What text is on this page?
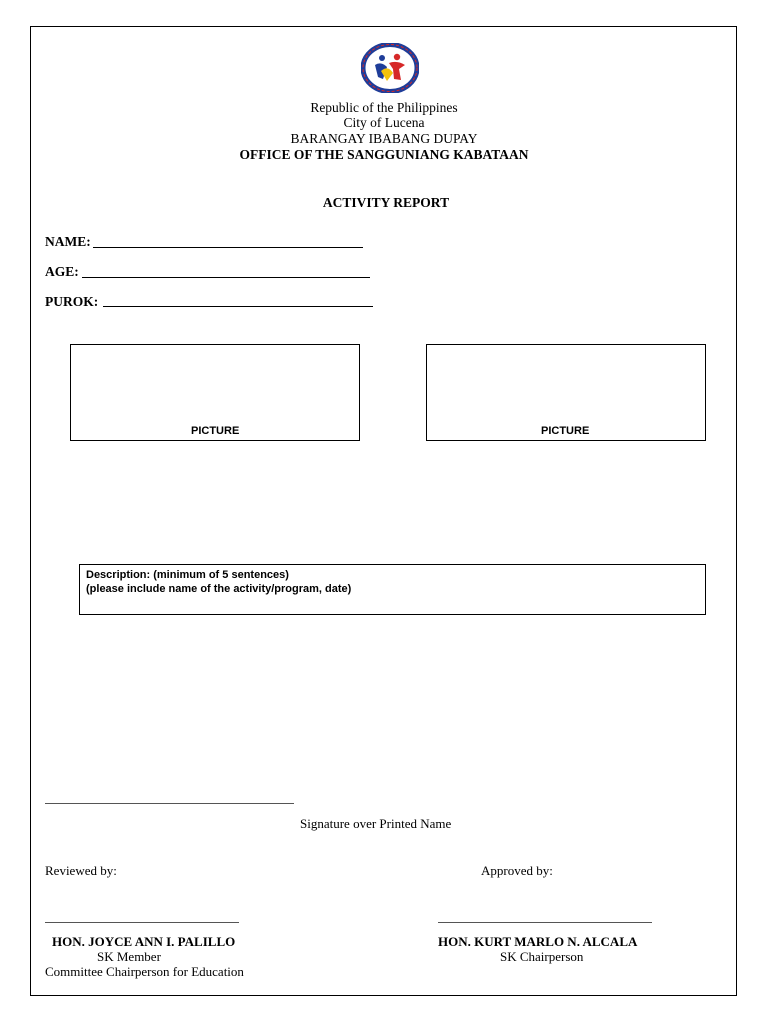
Republic of the Philippines
City of Lucena
BARANGAY IBABANG DUPAY
OFFICE OF THE SANGGUNIANG KABATAAN
ACTIVITY REPORT
NAME:
AGE:
PUROK:
PICTURE	PICTURE
Description: (minimum of 5 sentences)
(please include name of the activity/program, date)
Signature over Printed Name
Reviewed by:	Approved by:
HON. JOYCE ANN I. PALILLO
SK Member
Committee Chairperson for Education
HON. KURT MARLO N. ALCALA
SK Chairperson
